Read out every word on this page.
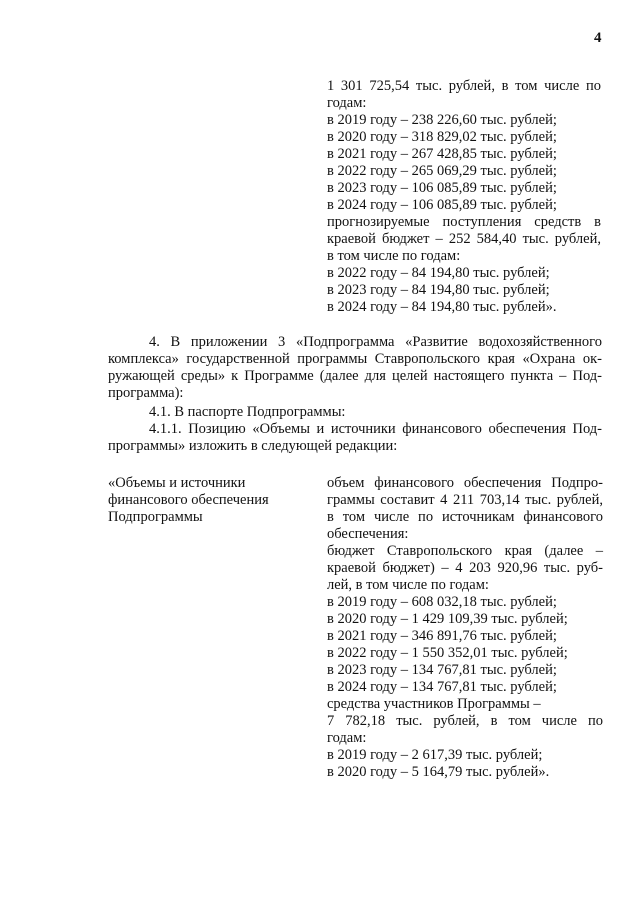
4
1 301 725,54 тыс. рублей, в том числе по
годам:
в 2019 году – 238 226,60 тыс. рублей;
в 2020 году – 318 829,02 тыс. рублей;
в 2021 году – 267 428,85 тыс. рублей;
в 2022 году – 265 069,29 тыс. рублей;
в 2023 году – 106 085,89 тыс. рублей;
в 2024 году – 106 085,89 тыс. рублей;
прогнозируемые поступления средств в
краевой бюджет – 252 584,40 тыс. рублей,
в том числе по годам:
в 2022 году – 84 194,80 тыс. рублей;
в 2023 году – 84 194,80 тыс. рублей;
в 2024 году – 84 194,80 тыс. рублей».
4. В приложении 3 «Подпрограмма «Развитие водохозяйственного
комплекса» государственной программы Ставропольского края «Охрана ок-
ружающей среды» к Программе (далее для целей настоящего пункта – Под-
программа):
4.1. В паспорте Подпрограммы:
4.1.1. Позицию «Объемы и источники финансового обеспечения Под-
программы» изложить в следующей редакции:
«Объемы и источники
финансового обеспечения
Подпрограммы
объем финансового обеспечения Подпро-
граммы составит 4 211 703,14 тыс. рублей,
в том числе по источникам финансового
обеспечения:
бюджет Ставропольского края (далее –
краевой бюджет) – 4 203 920,96 тыс. руб-
лей, в том числе по годам:
в 2019 году – 608 032,18 тыс. рублей;
в 2020 году – 1 429 109,39 тыс. рублей;
в 2021 году – 346 891,76 тыс. рублей;
в 2022 году – 1 550 352,01 тыс. рублей;
в 2023 году – 134 767,81 тыс. рублей;
в 2024 году – 134 767,81 тыс. рублей;
средства участников Программы –
7 782,18 тыс. рублей, в том числе по
годам:
в 2019 году – 2 617,39 тыс. рублей;
в 2020 году – 5 164,79 тыс. рублей».
